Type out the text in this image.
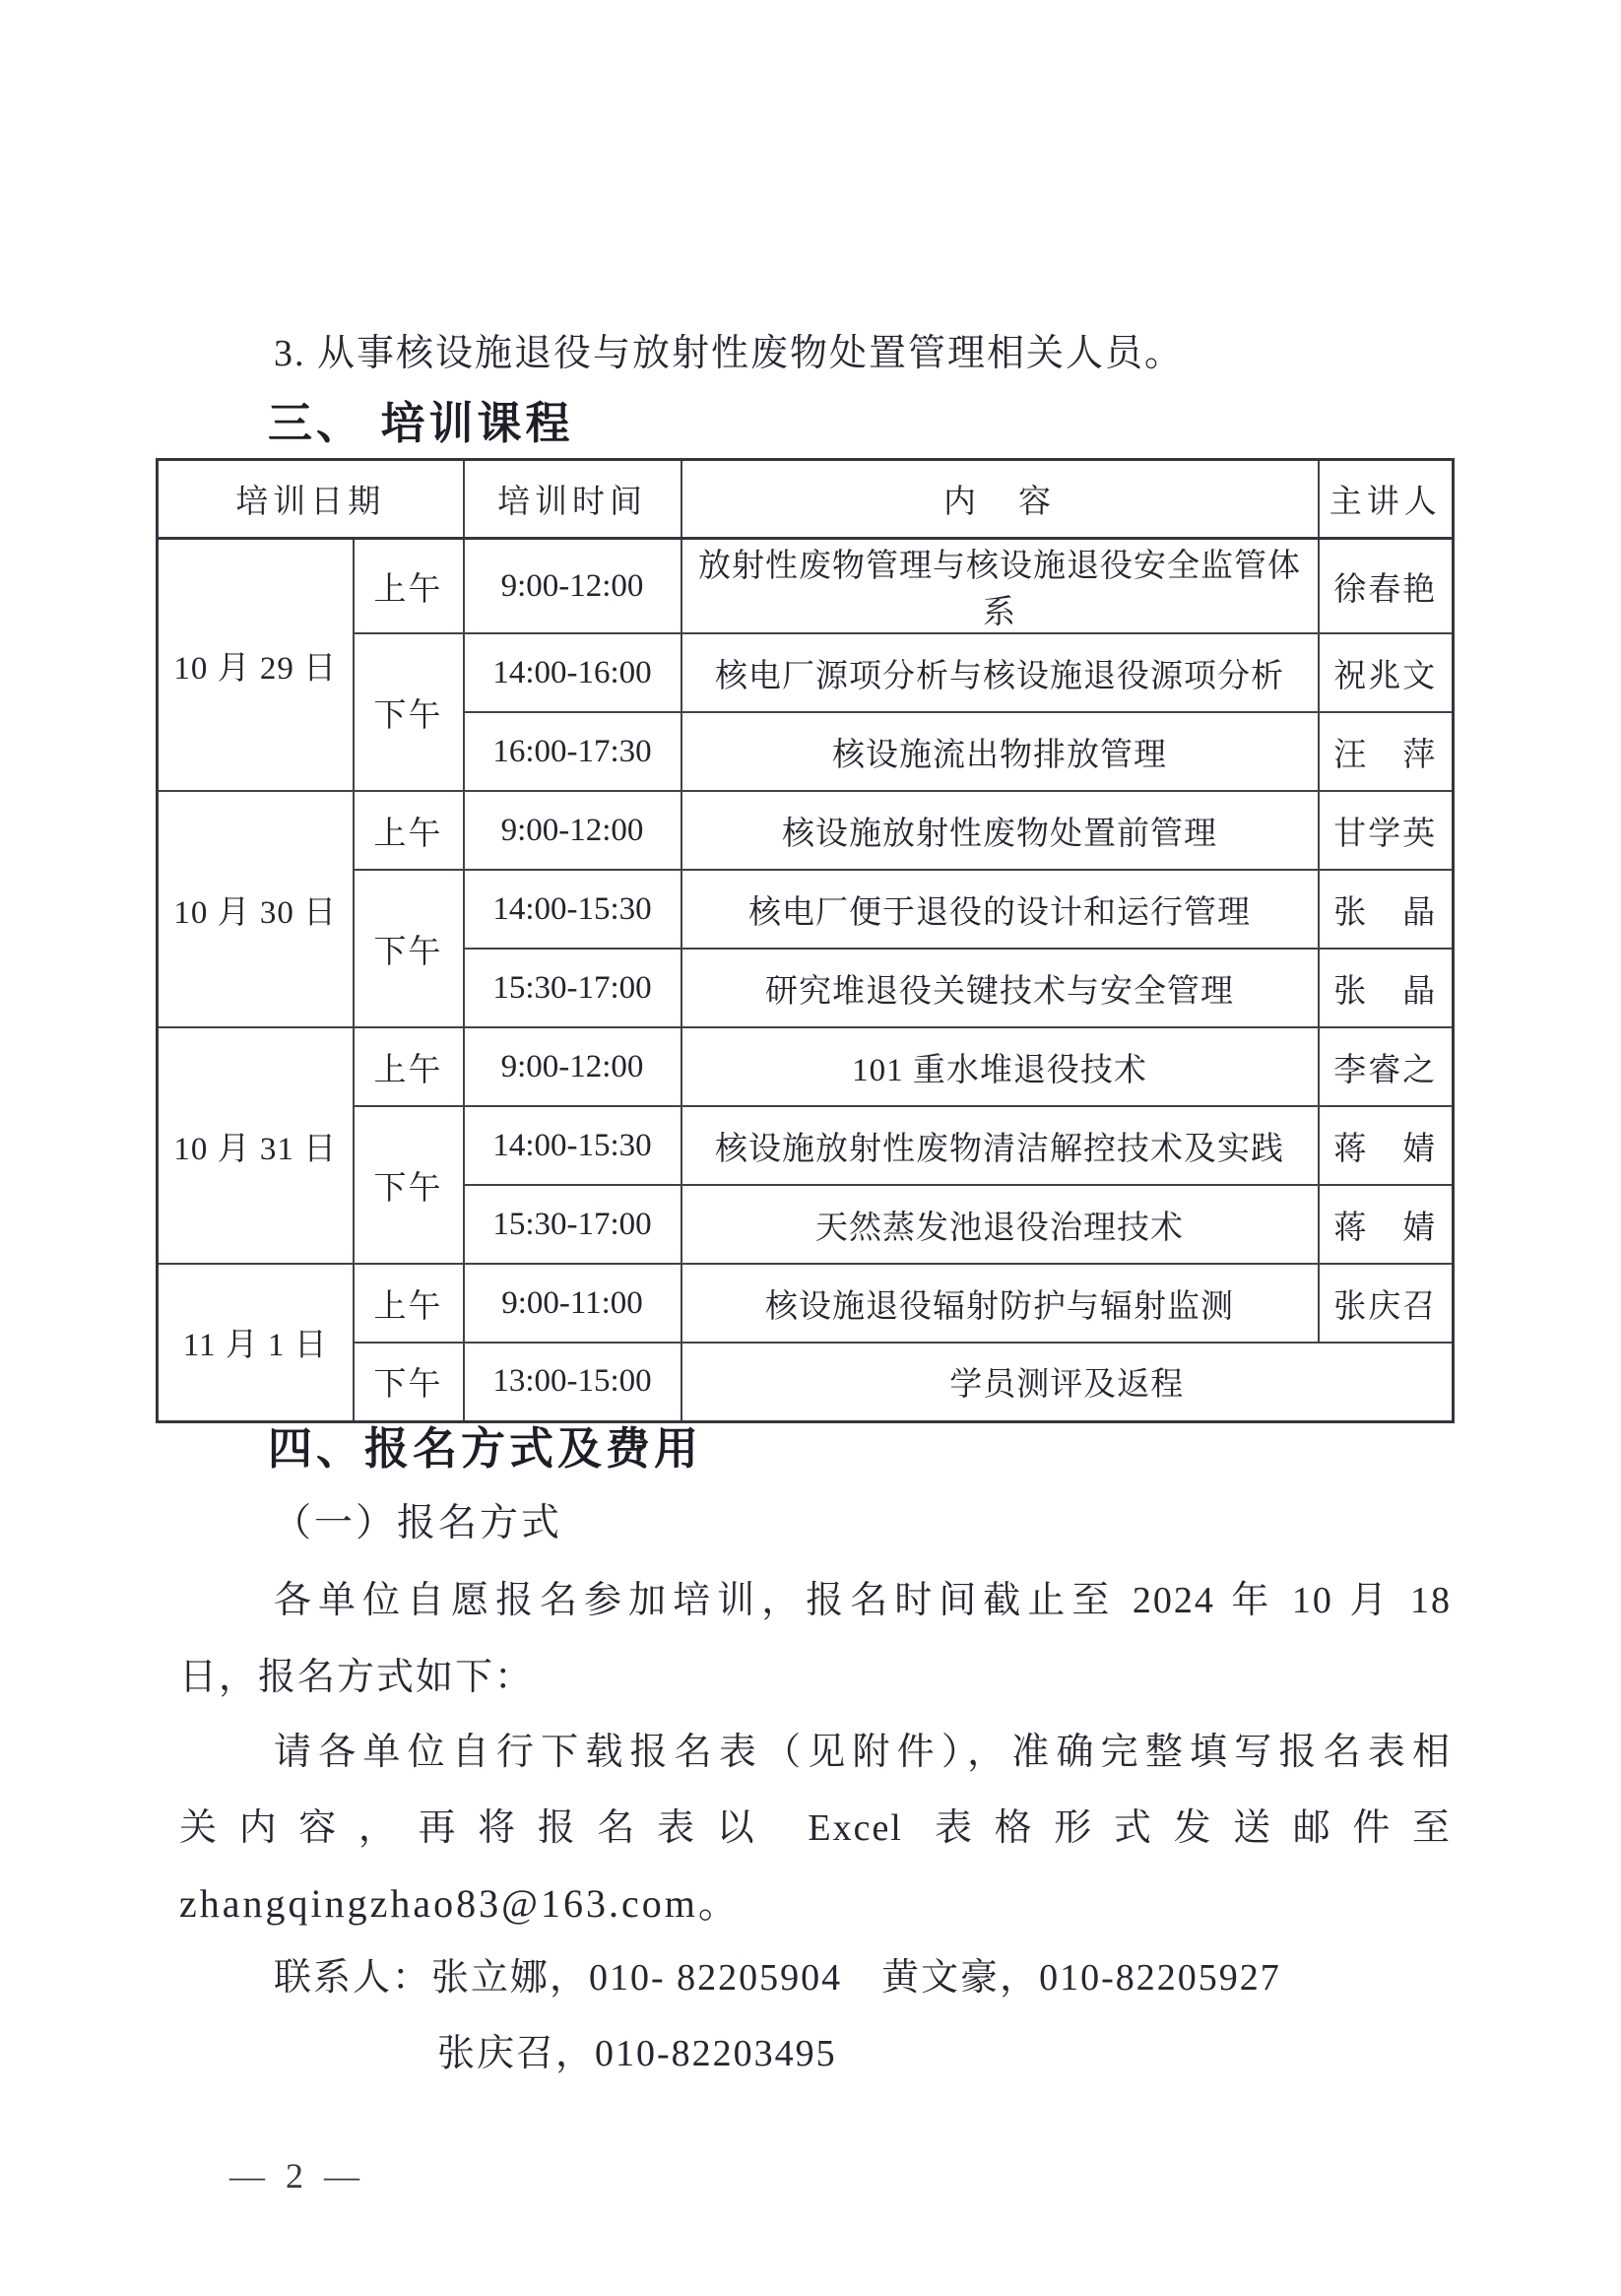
3. 从事核设施退役与放射性废物处置管理相关人员。
三、 培训课程
培训日期		培训时间	内　容	主讲人
10 月 29 日	上午	9:00-12:00	放射性废物管理与核设施退役安全监管体系	徐春艳
	下午	14:00-16:00	核电厂源项分析与核设施退役源项分析	祝兆文
		16:00-17:30	核设施流出物排放管理	汪　萍
10 月 30 日	上午	9:00-12:00	核设施放射性废物处置前管理	甘学英
	下午	14:00-15:30	核电厂便于退役的设计和运行管理	张　晶
		15:30-17:00	研究堆退役关键技术与安全管理	张　晶
10 月 31 日	上午	9:00-12:00	101 重水堆退役技术	李睿之
	下午	14:00-15:30	核设施放射性废物清洁解控技术及实践	蒋　婧
		15:30-17:00	天然蒸发池退役治理技术	蒋　婧
11 月 1 日	上午	9:00-11:00	核设施退役辐射防护与辐射监测	张庆召
	下午	13:00-15:00	学员测评及返程	
四、报名方式及费用
（一）报名方式
各单位自愿报名参加培训，报名时间截止至 2024 年 10 月 18
日，报名方式如下：
请各单位自行下载报名表（见附件），准确完整填写报名表相
关内容，再将报名表以 Excel 表格形式发送邮件至
zhangqingzhao83@163.com。
联系人：张立娜，010- 82205904　黄文豪，010-82205927
张庆召，010-82203495
— 2 —
